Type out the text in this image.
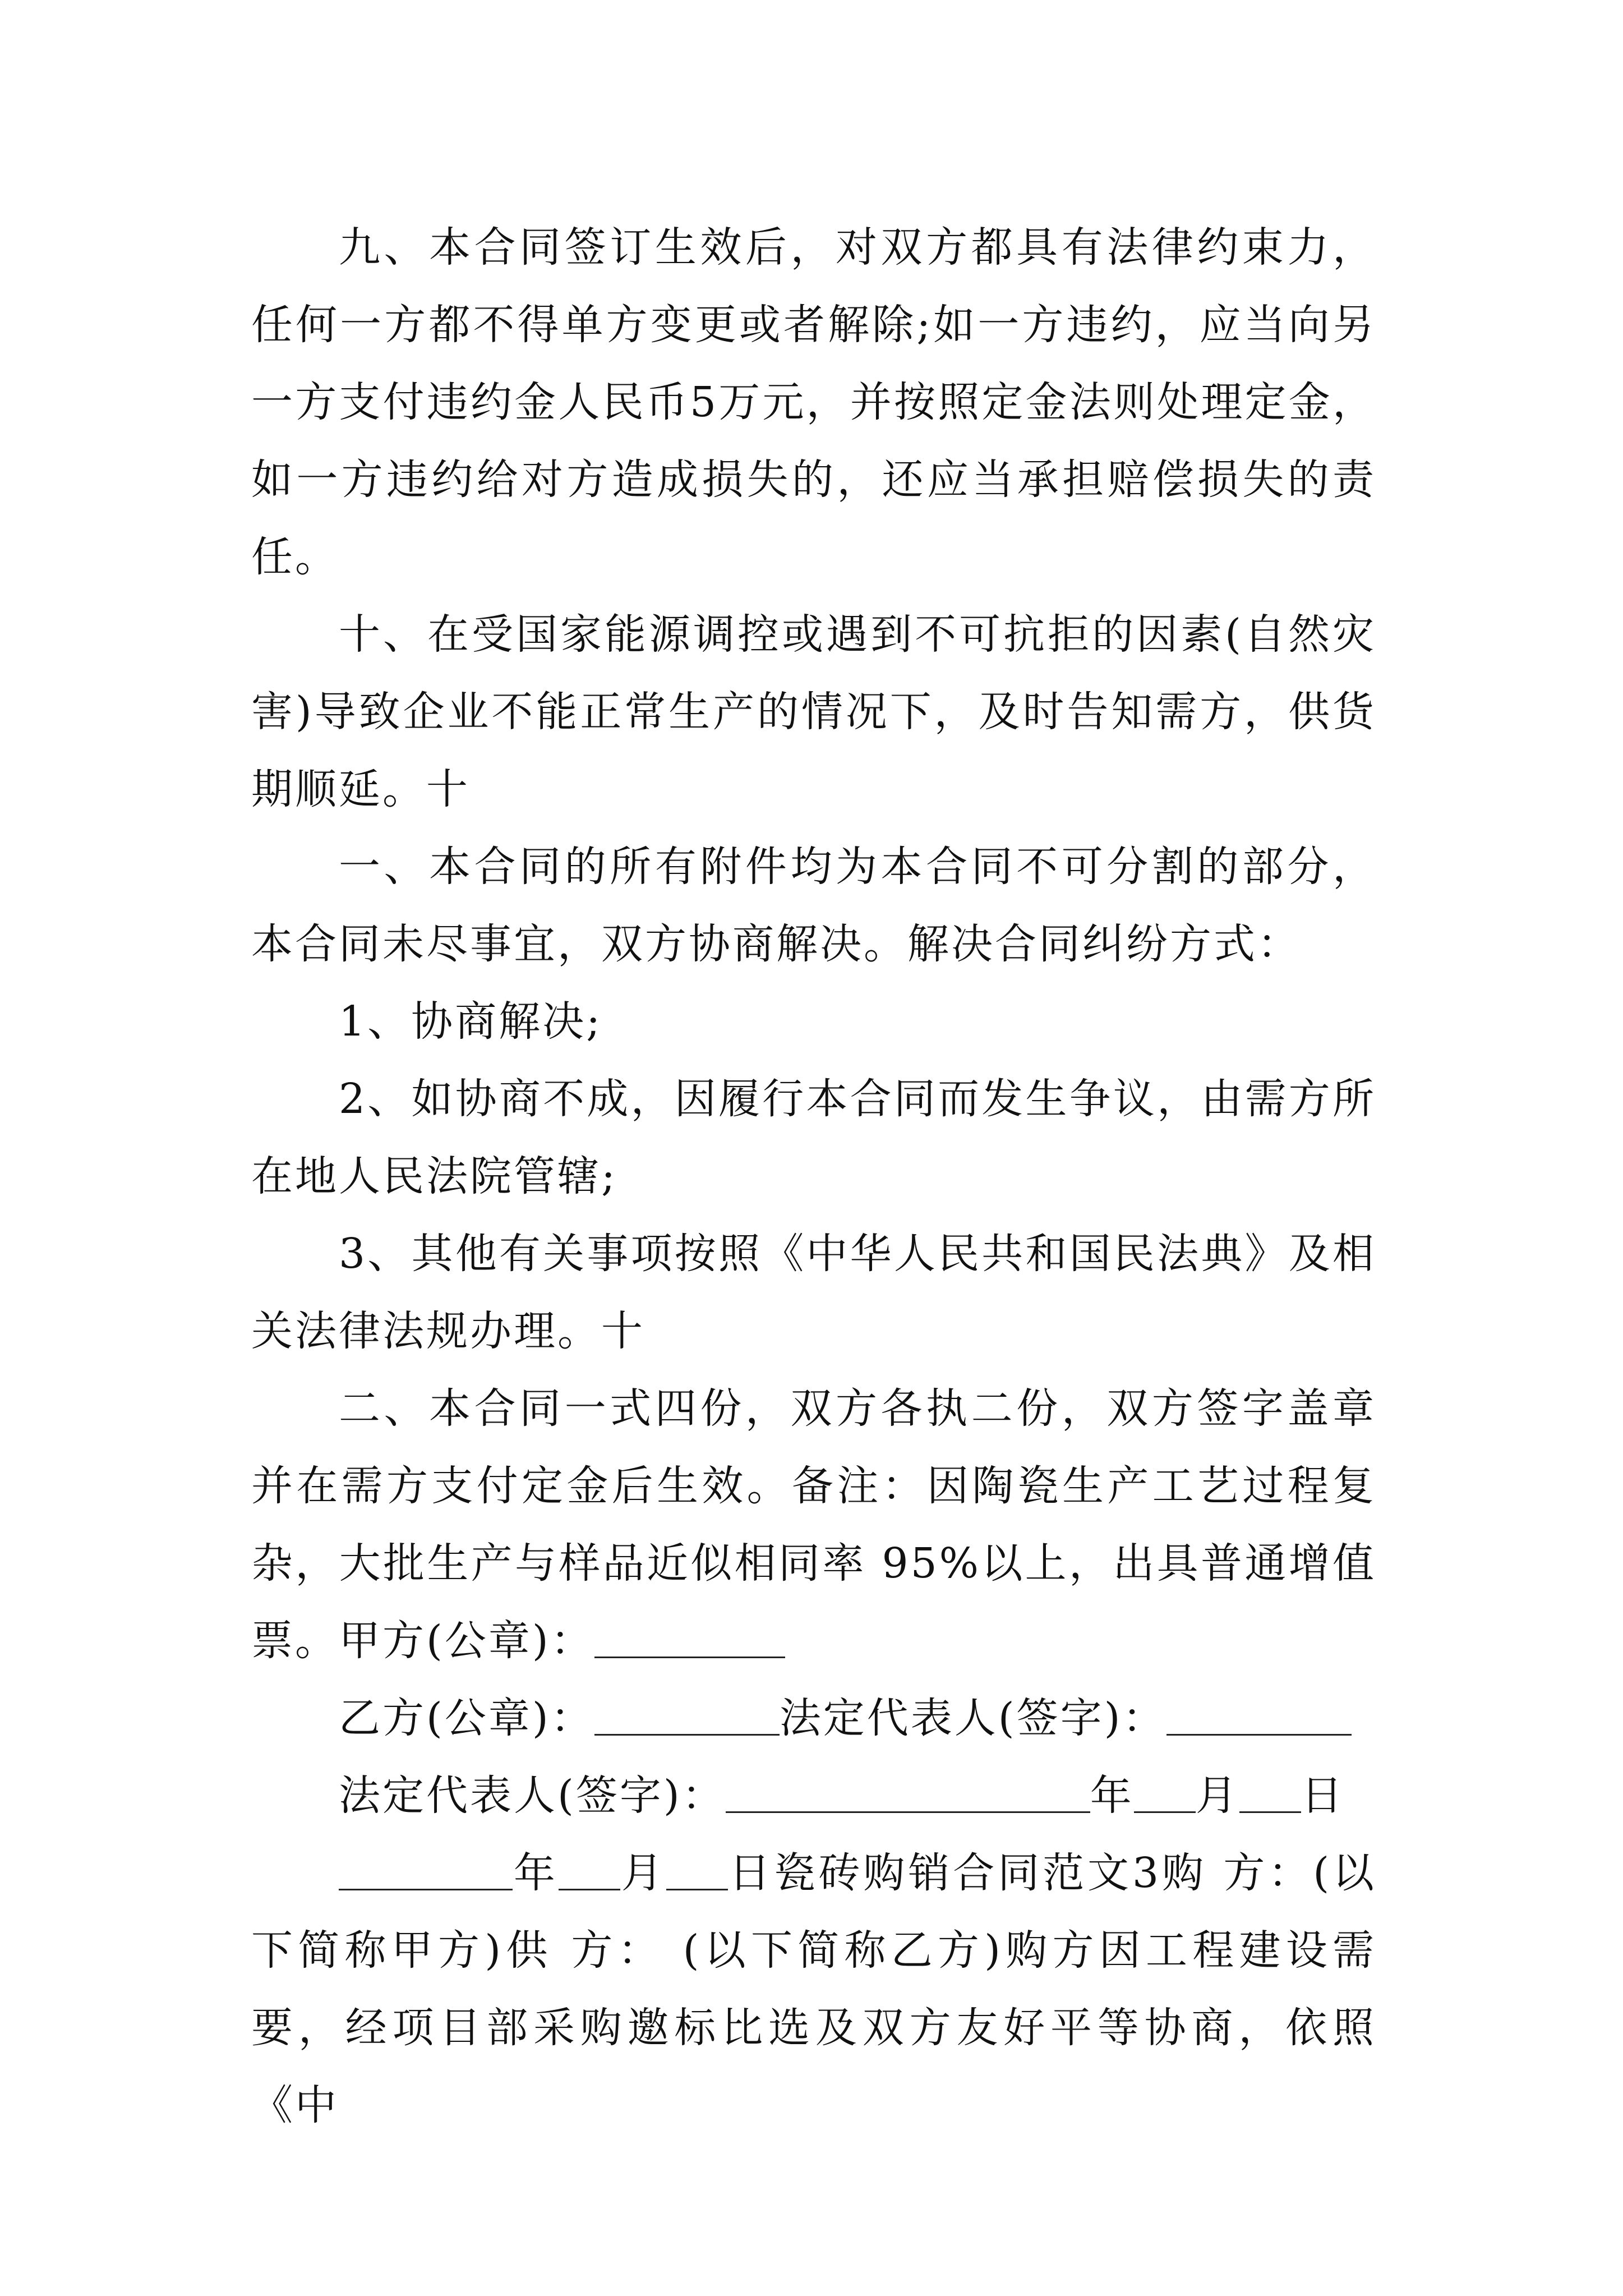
九、本合同签订生效后，对双方都具有法律约束力，任何一方都不得单方变更或者解除;如一方违约，应当向另一方支付违约金人民币5万元，并按照定金法则处理定金，如一方违约给对方造成损失的，还应当承担赔偿损失的责任。

十、在受国家能源调控或遇到不可抗拒的因素(自然灾害)导致企业不能正常生产的情况下，及时告知需方，供货期顺延。十

一、本合同的所有附件均为本合同不可分割的部分，本合同未尽事宜，双方协商解决。解决合同纠纷方式：

1、协商解决;

2、如协商不成，因履行本合同而发生争议，由需方所在地人民法院管辖;

3、其他有关事项按照《中华人民共和国民法典》及相关法律法规办理。十

二、本合同一式四份，双方各执二份，双方签字盖章并在需方支付定金后生效。备注：因陶瓷生产工艺过程复杂，大批生产与样品近似相同率 95%以上，出具普通增值票。甲方(公章)：

乙方(公章)：	法定代表人(签字)：

法定代表人(签字)：	年 月 日

年 月 日瓷砖购销合同范文3购 方：(以下简称甲方)供 方： (以下简称乙方)购方因工程建设需要，经项目部采购邀标比选及双方友好平等协商，依照《中
